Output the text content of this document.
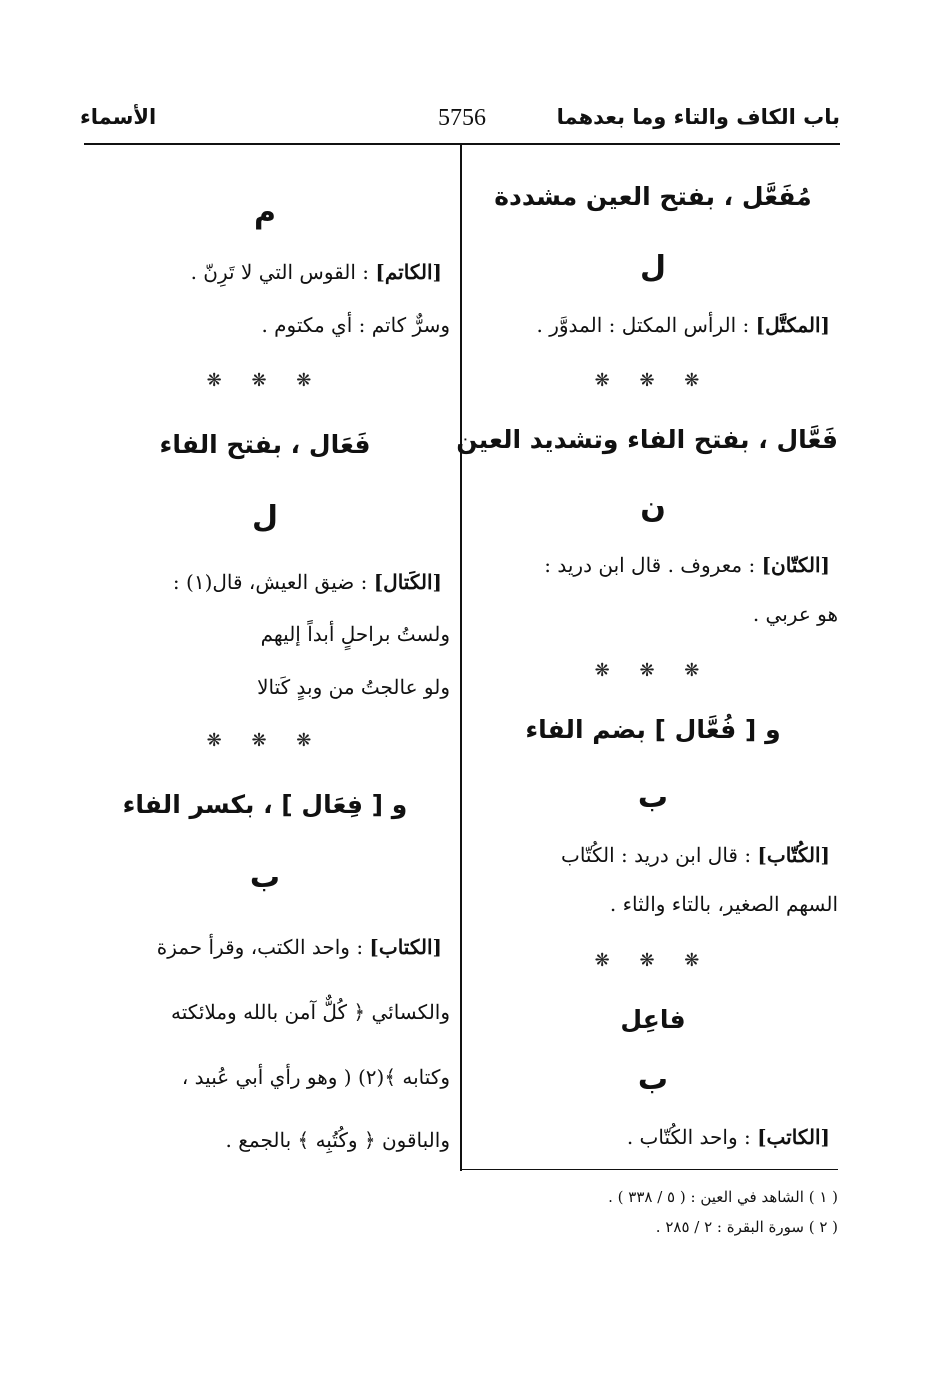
باب الكاف والتاء وما بعدهما
5756
الأسماء
مُفَعَّل ، بفتح العين مشددة
ل
[المكتَّل] : الرأس المكتل : المدوَّر .
❋ ❋ ❋
فَعَّال ، بفتح الفاء وتشديد العين
ن
[الكتّان] : معروف . قال ابن دريد :
هو عربي .
❋ ❋ ❋
و [ فُعَّال ] بضم الفاء
ب
[الكُتّاب] : قال ابن دريد : الكُتّاب
السهم الصغير، بالتاء والثاء .
❋ ❋ ❋
فاعِل
ب
[الكاتب] : واحد الكُتّاب .
م
[الكاتم] : القوس التي لا تَرِنّ .
وسرٌّ كاتم : أي مكتوم .
❋ ❋ ❋
فَعَال ، بفتح الفاء
ل
[الكَتال] : ضيق العيش، قال(١) :
ولستُ براحلٍ أبداً إليهم
ولو عالجتُ من وبدٍ كَتالا
❋ ❋ ❋
و [ فِعَال ] ، بكسر الفاء
ب
[الكتاب] : واحد الكتب، وقرأ حمزة
والكسائي ﴿ كُلٌّ آمن بالله وملائكته
وكتابه ﴾(٢) ( وهو رأي أبي عُبيد ،
والباقون ﴿ وكُتُبِه ﴾ بالجمع .
( ١ ) الشاهد في العين : ( ٥ / ٣٣٨ ) .
( ٢ ) سورة البقرة : ٢ / ٢٨٥ .
